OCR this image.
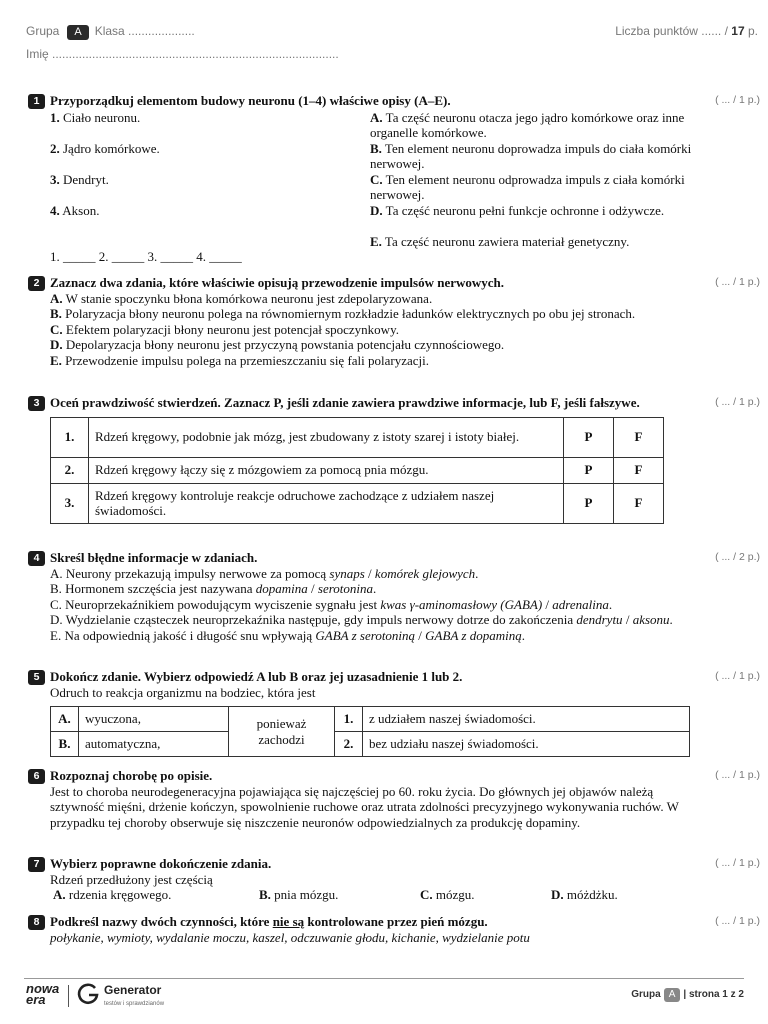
Grupa A Klasa ....................
Imię ......................................................................................
Liczba punktów ...... / 17 p.
1	( ... / 1 p.)
Przyporządkuj elementom budowy neuronu (1–4) właściwe opisy (A–E).
1. Ciało neuronu.
2. Jądro komórkowe.
3. Dendryt.
4. Akson.
A. Ta część neuronu otacza jego jądro komórkowe oraz inne organelle komórkowe.
B. Ten element neuronu doprowadza impuls do ciała komórki nerwowej.
C. Ten element neuronu odprowadza impuls z ciała komórki nerwowej.
D. Ta część neuronu pełni funkcje ochronne i odżywcze.
E. Ta część neuronu zawiera materiał genetyczny.
1. _____ 2. _____ 3. _____ 4. _____
2	( ... / 1 p.)
Zaznacz dwa zdania, które właściwie opisują przewodzenie impulsów nerwowych.
A. W stanie spoczynku błona komórkowa neuronu jest zdepolaryzowana.
B. Polaryzacja błony neuronu polega na równomiernym rozkładzie ładunków elektrycznych po obu jej stronach.
C. Efektem polaryzacji błony neuronu jest potencjał spoczynkowy.
D. Depolaryzacja błony neuronu jest przyczyną powstania potencjału czynnościowego.
E. Przewodzenie impulsu polega na przemieszczaniu się fali polaryzacji.
3	( ... / 1 p.)
Oceń prawdziwość stwierdzeń. Zaznacz P, jeśli zdanie zawiera prawdziwe informacje, lub F, jeśli fałszywe.
1.	Rdzeń kręgowy, podobnie jak mózg, jest zbudowany z istoty szarej i istoty białej.	P	F
2.	Rdzeń kręgowy łączy się z mózgowiem za pomocą pnia mózgu.	P	F
3.	Rdzeń kręgowy kontroluje reakcje odruchowe zachodzące z udziałem naszej świadomości.	P	F
4	( ... / 2 p.)
Skreśl błędne informacje w zdaniach.
A. Neurony przekazują impulsy nerwowe za pomocą synaps / komórek glejowych.
B. Hormonem szczęścia jest nazywana dopamina / serotonina.
C. Neuroprzekaźnikiem powodującym wyciszenie sygnału jest kwas γ-aminomasłowy (GABA) / adrenalina.
D. Wydzielanie cząsteczek neuroprzekaźnika następuje, gdy impuls nerwowy dotrze do zakończenia dendrytu / aksonu.
E. Na odpowiednią jakość i długość snu wpływają GABA z serotoniną / GABA z dopaminą.
5	( ... / 1 p.)
Dokończ zdanie. Wybierz odpowiedź A lub B oraz jej uzasadnienie 1 lub 2.
Odruch to reakcja organizmu na bodziec, która jest
A.	wyuczona,	ponieważ zachodzi	1.	z udziałem naszej świadomości.
B.	automatyczna,		2.	bez udziału naszej świadomości.
6	( ... / 1 p.)
Rozpoznaj chorobę po opisie.
Jest to choroba neurodegeneracyjna pojawiająca się najczęściej po 60. roku życia. Do głównych jej objawów należą sztywność mięśni, drżenie kończyn, spowolnienie ruchowe oraz utrata zdolności precyzyjnego wykonywania ruchów. W przypadku tej choroby obserwuje się niszczenie neuronów odpowiedzialnych za produkcję dopaminy.
7	( ... / 1 p.)
Wybierz poprawne dokończenie zdania.
Rdzeń przedłużony jest częścią
A. rdzenia kręgowego.	B. pnia mózgu.	C. mózgu.	D. móżdżku.
8	( ... / 1 p.)
Podkreśl nazwy dwóch czynności, które nie są kontrolowane przez pień mózgu.
połykanie, wymioty, wydalanie moczu, kaszel, odczuwanie głodu, kichanie, wydzielanie potu
nowa
era
Generator
testów i sprawdzianów
Grupa A | strona 1 z 2
